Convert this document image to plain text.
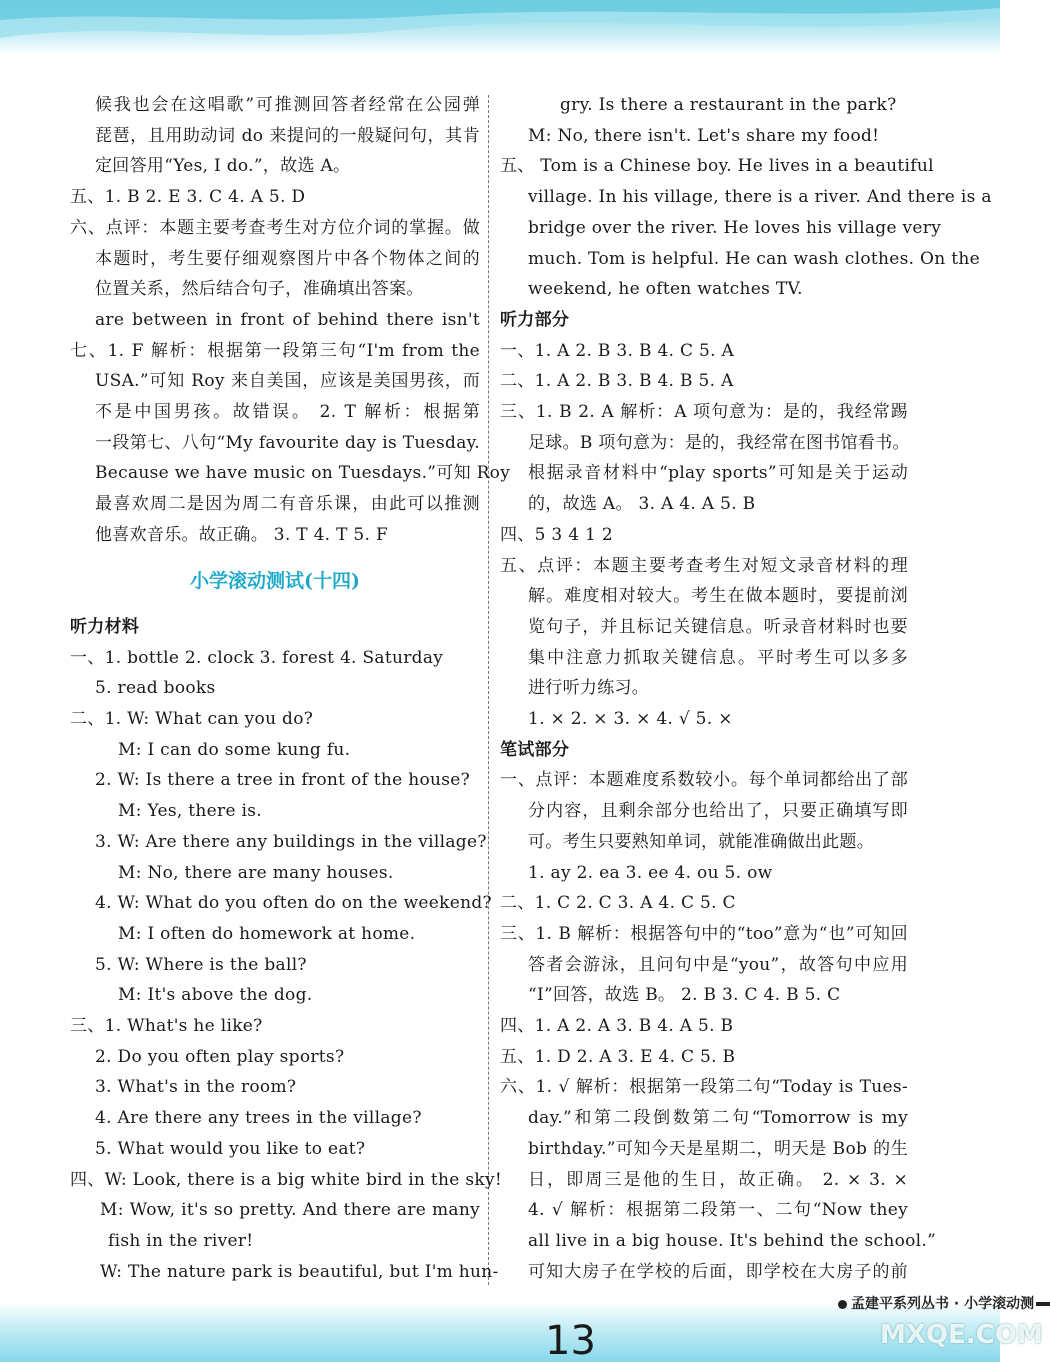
候我也会在这唱歌”可推测回答者经常在公园弹
琵琶，且用助动词 do 来提问的一般疑问句，其肯
定回答用“Yes, I do.”，故选 A。
五、1. B 2. E 3. C 4. A 5. D
六、点评：本题主要考查考生对方位介词的掌握。做
本题时，考生要仔细观察图片中各个物体之间的
位置关系，然后结合句子，准确填出答案。
are between in front of behind there isn't
七、1. F 解析：根据第一段第三句“I'm from the
USA.”可知 Roy 来自美国，应该是美国男孩，而
不是中国男孩。故错误。 2. T 解析：根据第
一段第七、八句“My favourite day is Tuesday.
Because we have music on Tuesdays.”可知 Roy
最喜欢周二是因为周二有音乐课，由此可以推测
他喜欢音乐。故正确。 3. T 4. T 5. F
听力材料
一、1. bottle 2. clock 3. forest 4. Saturday
5. read books
二、1. W: What can you do?
M: I can do some kung fu.
2. W: Is there a tree in front of the house?
M: Yes, there is.
3. W: Are there any buildings in the village?
M: No, there are many houses.
4. W: What do you often do on the weekend?
M: I often do homework at home.
5. W: Where is the ball?
M: It's above the dog.
三、1. What's he like?
2. Do you often play sports?
3. What's in the room?
4. Are there any trees in the village?
5. What would you like to eat?
四、W: Look, there is a big white bird in the sky!
M: Wow, it's so pretty. And there are many
fish in the river!
W: The nature park is beautiful, but I'm hun-
小学滚动测试(十四)
gry. Is there a restaurant in the park?
M: No, there isn't. Let's share my food!
五、 Tom is a Chinese boy. He lives in a beautiful
village. In his village, there is a river. And there is a
bridge over the river. He loves his village very
much. Tom is helpful. He can wash clothes. On the
weekend, he often watches TV.
听力部分
一、1. A 2. B 3. B 4. C 5. A
二、1. A 2. B 3. B 4. B 5. A
三、1. B 2. A 解析：A 项句意为：是的，我经常踢
足球。B 项句意为：是的，我经常在图书馆看书。
根据录音材料中“play sports”可知是关于运动
的，故选 A。 3. A 4. A 5. B
四、5 3 4 1 2
五、点评：本题主要考查考生对短文录音材料的理
解。难度相对较大。考生在做本题时，要提前浏
览句子，并且标记关键信息。听录音材料时也要
集中注意力抓取关键信息。平时考生可以多多
进行听力练习。
1. × 2. × 3. × 4. √ 5. ×
笔试部分
一、点评：本题难度系数较小。每个单词都给出了部
分内容，且剩余部分也给出了，只要正确填写即
可。考生只要熟知单词，就能准确做出此题。
1. ay 2. ea 3. ee 4. ou 5. ow
二、1. C 2. C 3. A 4. C 5. C
三、1. B 解析：根据答句中的“too”意为“也”可知回
答者会游泳，且问句中是“you”，故答句中应用
“I”回答，故选 B。 2. B 3. C 4. B 5. C
四、1. A 2. A 3. B 4. A 5. B
五、1. D 2. A 3. E 4. C 5. B
六、1. √ 解析：根据第一段第二句“Today is Tues-
day.”和第二段倒数第二句“Tomorrow is my
birthday.”可知今天是星期二，明天是 Bob 的生
日，即周三是他的生日，故正确。 2. × 3. ×
4. √ 解析：根据第二段第一、二句“Now they
all live in a big house. It's behind the school.”
可知大房子在学校的后面，即学校在大房子的前
13
孟建平系列丛书 · 小学滚动测
MXQE.COM
